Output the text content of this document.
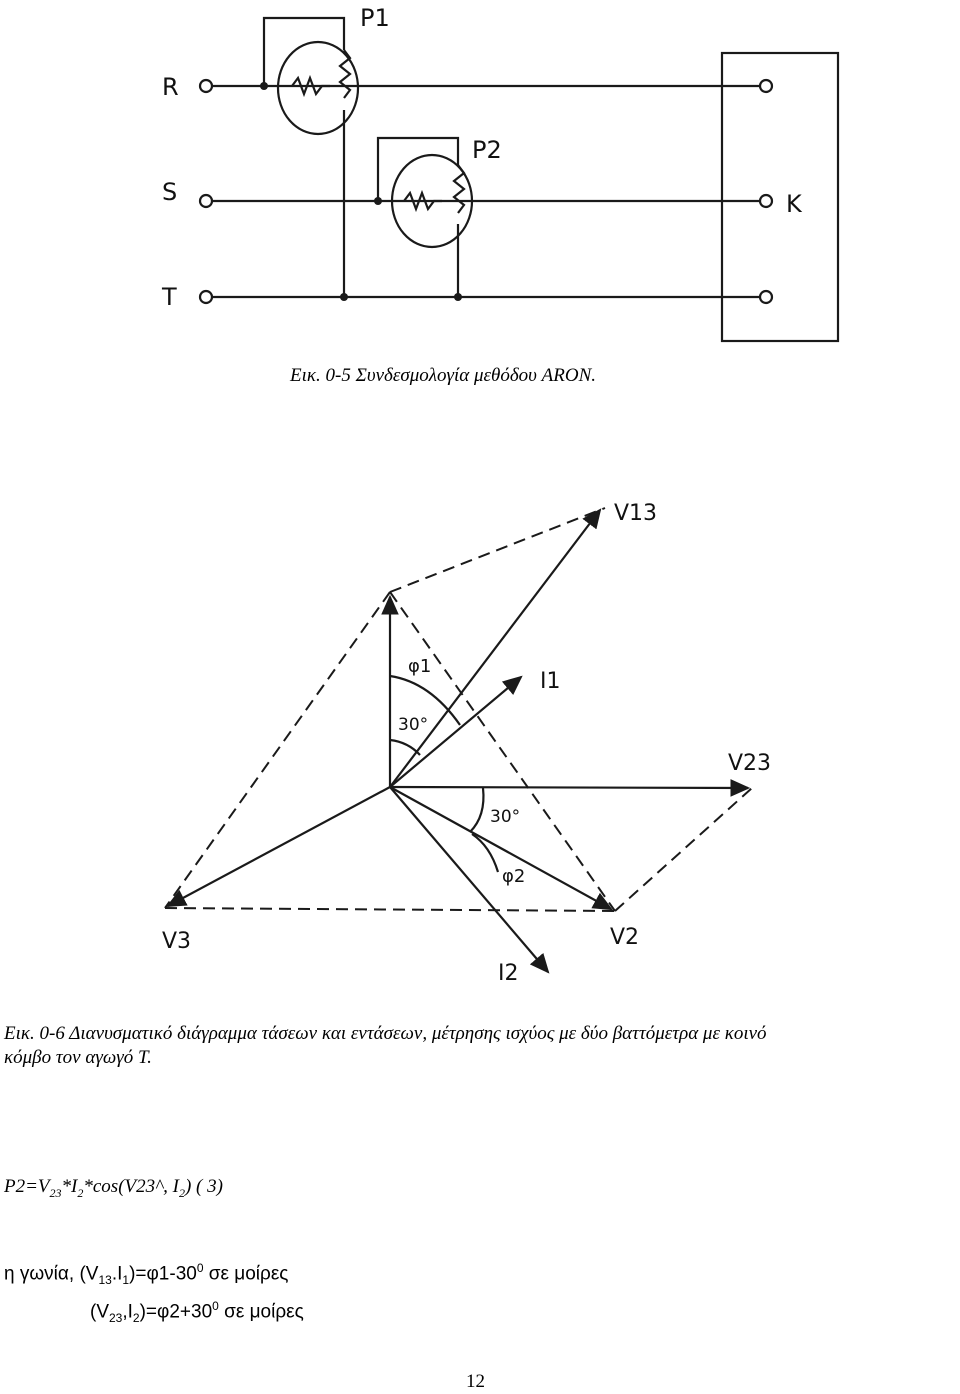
R
S
T
P1
P2
K
Εικ. 0-5 Συνδεσμολογία μεθόδου ARON.
V13
I1
V23
V3	V2
I2
φ1
30°
30°
φ2
Εικ. 0-6 Διανυσματικό διάγραμμα τάσεων και εντάσεων, μέτρησης ισχύος με δύο βαττόμετρα με κοινό
κόμβο τον αγωγό Τ.
$P2=V_{23}*I_2*\cos(V23\^{}$, $I_2$) ( 3)
η γωνία, $(V_{13}.I_1)=\varphi 1-30^0$ σε μοίρες
$(V_{23},I_2)=\varphi 2+30^0$ σε μοίρες
12
